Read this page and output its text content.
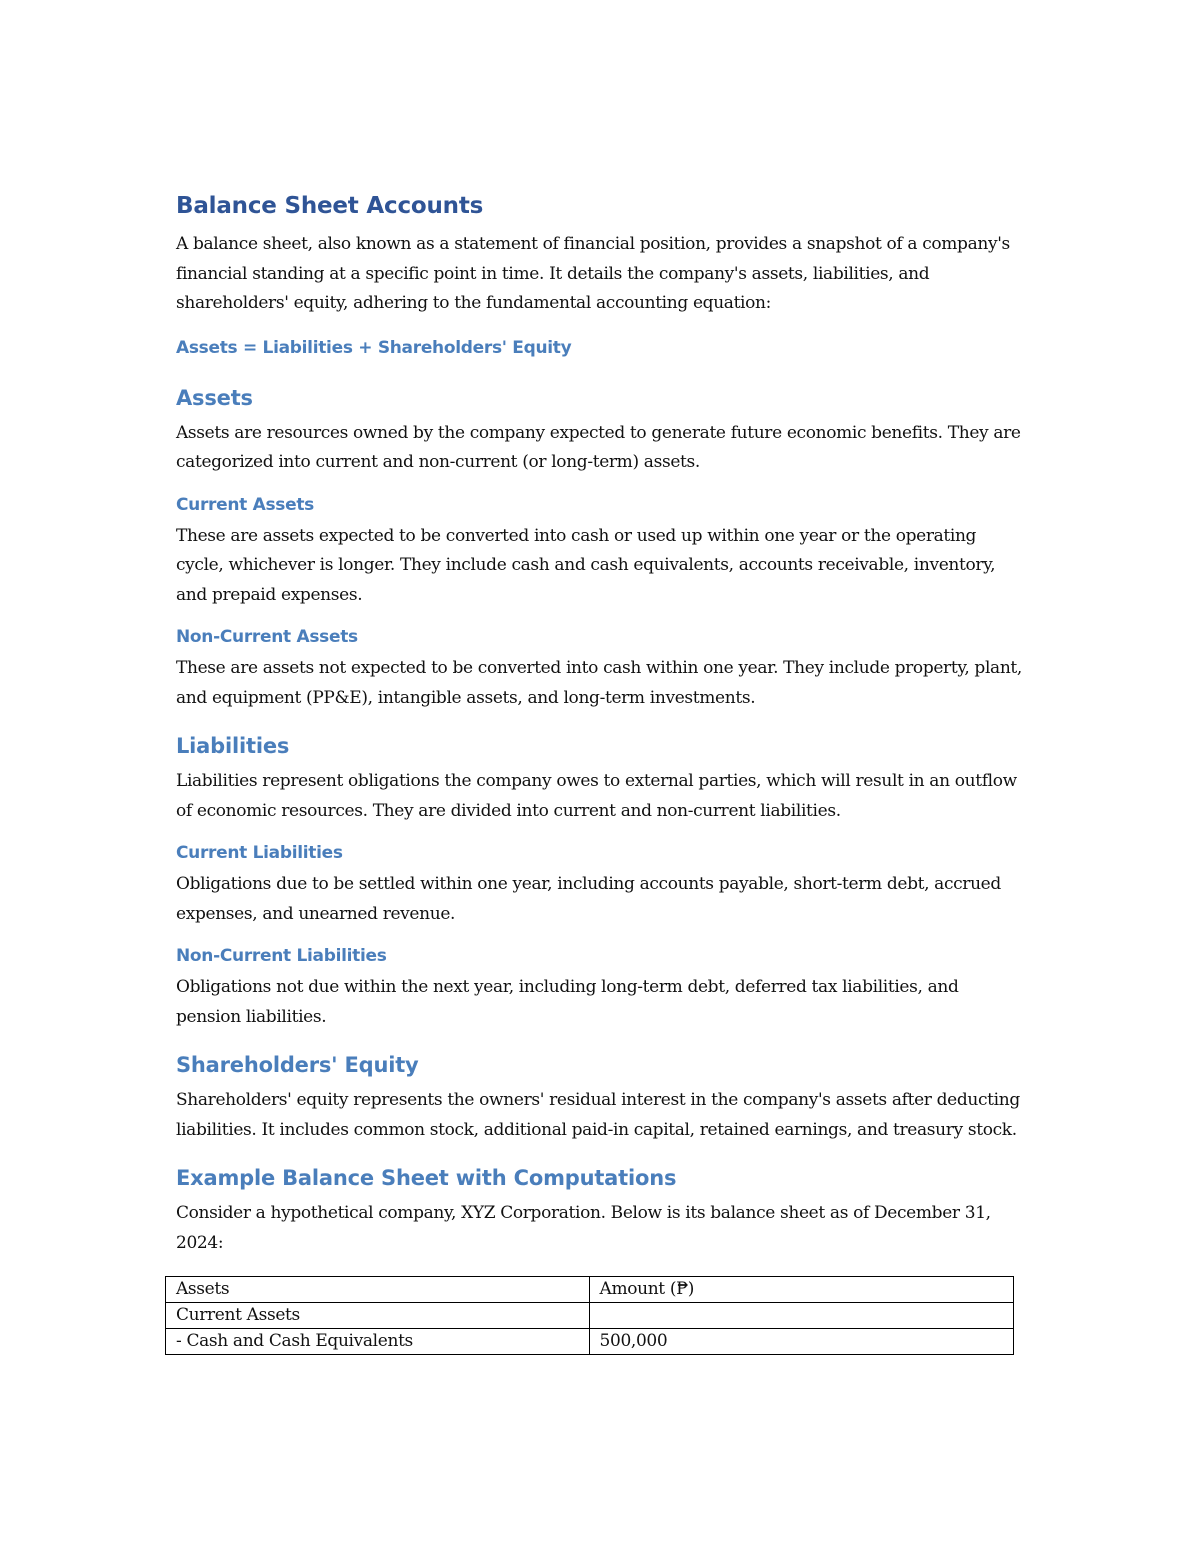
Balance Sheet Accounts

A balance sheet, also known as a statement of financial position, provides a snapshot of a company's financial standing at a specific point in time. It details the company's assets, liabilities, and shareholders' equity, adhering to the fundamental accounting equation:

Assets = Liabilities + Shareholders' Equity
Assets

Assets are resources owned by the company expected to generate future economic benefits. They are categorized into current and non-current (or long-term) assets.

Current Assets

These are assets expected to be converted into cash or used up within one year or the operating cycle, whichever is longer. They include cash and cash equivalents, accounts receivable, inventory, and prepaid expenses.

Non-Current Assets

These are assets not expected to be converted into cash within one year. They include property, plant, and equipment (PP&E), intangible assets, and long-term investments.

Liabilities

Liabilities represent obligations the company owes to external parties, which will result in an outflow of economic resources. They are divided into current and non-current liabilities.

Current Liabilities

Obligations due to be settled within one year, including accounts payable, short-term debt, accrued expenses, and unearned revenue.

Non-Current Liabilities

Obligations not due within the next year, including long-term debt, deferred tax liabilities, and pension liabilities.

Shareholders' Equity

Shareholders' equity represents the owners' residual interest in the company's assets after deducting liabilities. It includes common stock, additional paid-in capital, retained earnings, and treasury stock.

Example Balance Sheet with Computations

Consider a hypothetical company, XYZ Corporation. Below is its balance sheet as of December 31, 2024:

Assets	Amount (₱)
Current Assets	
- Cash and Cash Equivalents	500,000
